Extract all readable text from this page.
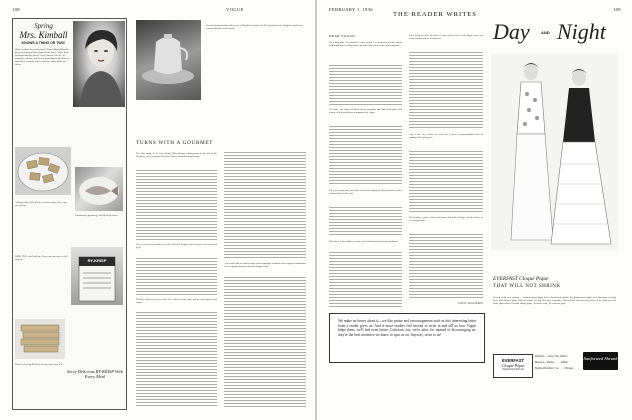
108	VOGUE
Spring
Mrs. Kimball
KNOWS A THING OR TWO!
When it comes to serving food, Clarissa Kimball has the trick of pleasing all the people all the time! "I give them Ry-Krisp and they loved," says Clarissa. You see, it's actually so all fine, and there's something really different about these crunchy wafers with the toasty whole-rye flavor.
A dainty plate of Ry-Krisp is a foil to many. Every one you choose.
Wholesome, appetizing, with Ry-Krisp toast.
RY-KRISP
HERE IT IS, with Ry-Krisp. Every one you serve is full of flavor.
Clara's choosing Ry-Krisp to every fine meal she...
Serve Delicious RY-KRISP With Every Meal
Pot and biscuits bottles side on an old English roasted cart. The inspiration of a Stafford sample and among with beer each exactly.
TURNS WITH A GOURMET
The other night, as we were dining, Billy having a dining-room to the side of the Fireplace, and we prepared Flowers with a rich garlic-tinged soup.
One of our own favourites was the Colonel's delight, and everyone was enchanted by it.
We have discovered a new tribe. It is called a fruity mull, and we came upon it last winter.
A new tribe that we had recently with champagne cocktails was a superb combination of fresh grapefruit juice and soft chopped fruit.
FEBRUARY 1, 1936	109
THE READER WRITES
DEAR VOGUE:
For a long time, I've wanted to write to you. I've wanted to tell the editors on through letter writing what a pleasure it has been to use your magazine.
Of course, my shop in Florida shows promptly and with swift pride, and feature well your chosen as supported by Vogue.
Then, you must last year's blue wool frock changed to this smartness with a contrast twist in the scarf.
Then there is the millions set our own technical and economic problems.
For a facial or a chic hair-dress, it has a drawn 'Do we ask Vogue' tested out on the bucket with or a hair-dress.
And of the new closure in town has a better recommendation than an employed French grocer.
Dear Jordan, a prior, a deep and shorter last wall of Vogue, but the chosen as we entrepreneurs.
NAN HOLBEN
We make no bones about it—we like praise and encouragement such as this interesting letter from a reader gives us. And if more readers feel moved to write in and tell us how Vogue helps them, we'll feel even better. Criticism, too, we're after, for instead of discouraging us, they're the best incentive we know to spur us on. Anyway, write to us!
Day	AND Night
EVERFAST Cloqué Pique
THAT WILL NOT SHRINK
Newest of the new cottons — printed cloqué pique that is Sanforized-shrunk. For glamourous nights wear this pique evening dress with tailored pique jacket in white; for day, this same ensemble with its floral short-sleeved jacket of the print over the white sports dress. Everfast cloqué pique, 36 inches wide, 89 cents the yard.
EVERFAST
Cloqué Pique
Sanforized-Shrunk
DeFinne — New York, Moore
Bloomer—Nahrer . . . . Dallas
Bertha Woodford, Inc. . . . Chicago
Sanforized Shrunk
